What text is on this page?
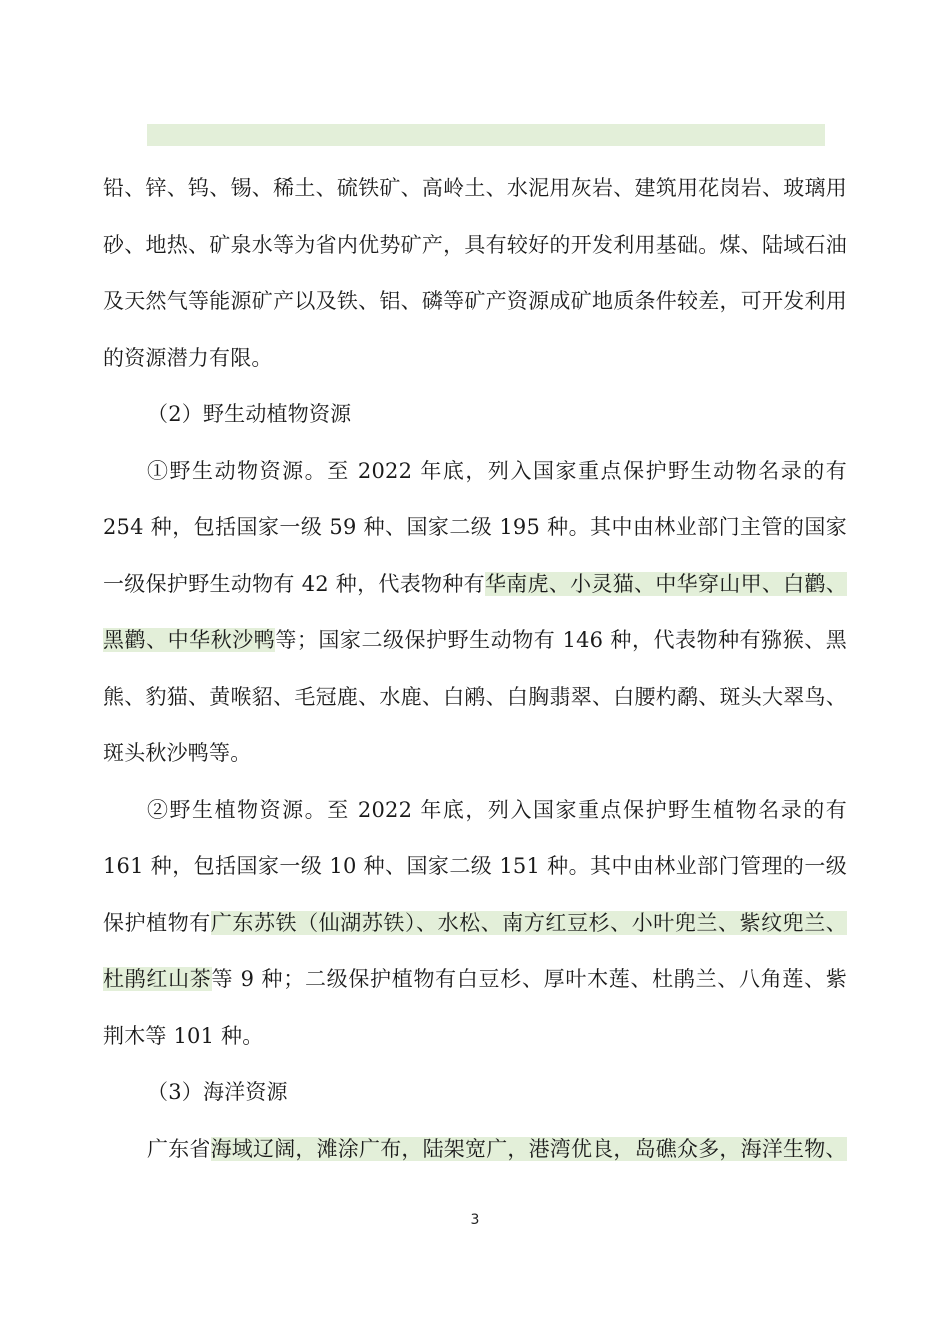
铅、锌、钨、锡、稀土、硫铁矿、高岭土、水泥用灰岩、建筑用花岗岩、玻璃用砂、地热、矿泉水等为省内优势矿产，具有较好的开发利用基础。煤、陆域石油及天然气等能源矿产以及铁、铝、磷等矿产资源成矿地质条件较差，可开发利用的资源潜力有限。

（2）野生动植物资源

①野生动物资源。至 2022 年底，列入国家重点保护野生动物名录的有 254 种，包括国家一级 59 种、国家二级 195 种。其中由林业部门主管的国家一级保护野生动物有 42 种，代表物种有华南虎、小灵猫、中华穿山甲、白鹳、黑鹳、中华秋沙鸭等；国家二级保护野生动物有 146 种，代表物种有猕猴、黑熊、豹猫、黄喉貂、毛冠鹿、水鹿、白鹇、白胸翡翠、白腰杓鹬、斑头大翠鸟、斑头秋沙鸭等。

②野生植物资源。至 2022 年底，列入国家重点保护野生植物名录的有 161 种，包括国家一级 10 种、国家二级 151 种。其中由林业部门管理的一级保护植物有广东苏铁（仙湖苏铁）、水松、南方红豆杉、小叶兜兰、紫纹兜兰、杜鹃红山茶等 9 种；二级保护植物有白豆杉、厚叶木莲、杜鹃兰、八角莲、紫荆木等 101 种。

（3）海洋资源

广东省海域辽阔，滩涂广布，陆架宽广，港湾优良，岛礁众多，海洋生物、

3
